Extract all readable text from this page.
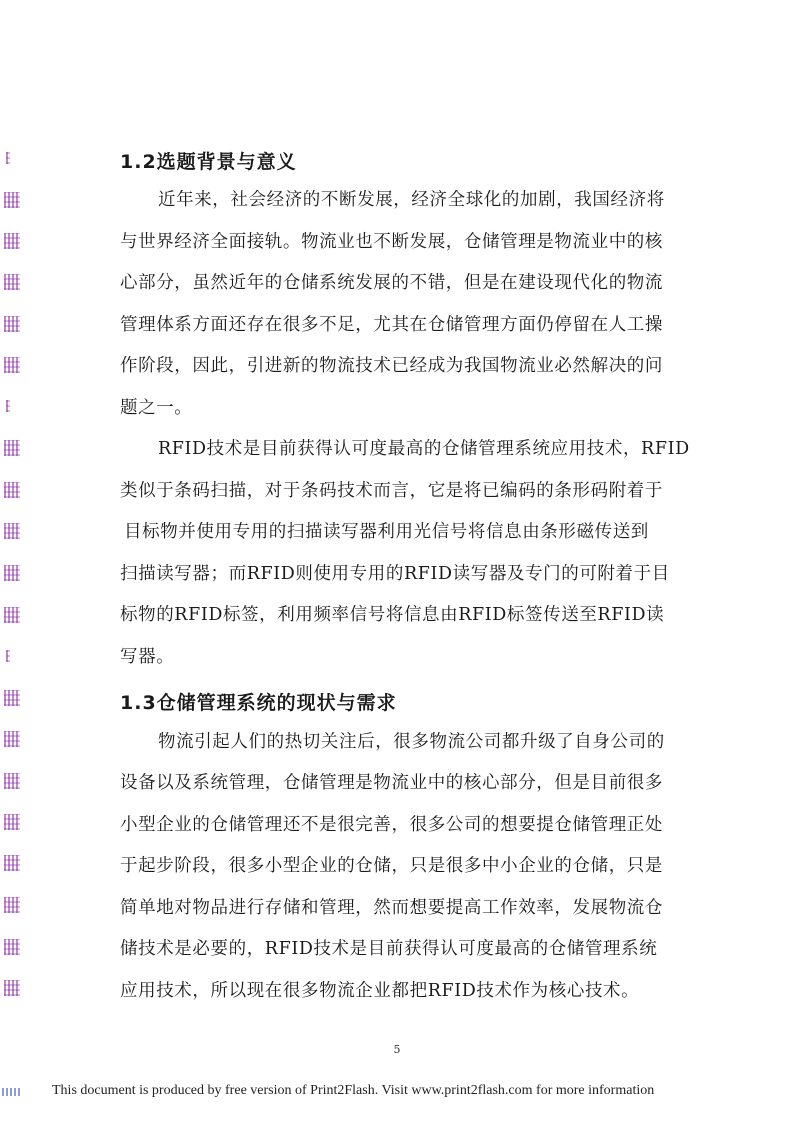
1.2选题背景与意义
近年来，社会经济的不断发展，经济全球化的加剧，我国经济将
与世界经济全面接轨。物流业也不断发展，仓储管理是物流业中的核
心部分，虽然近年的仓储系统发展的不错，但是在建设现代化的物流
管理体系方面还存在很多不足，尤其在仓储管理方面仍停留在人工操
作阶段，因此，引进新的物流技术已经成为我国物流业必然解决的问
题之一。
RFID技术是目前获得认可度最高的仓储管理系统应用技术，RFID
类似于条码扫描，对于条码技术而言，它是将已编码的条形码附着于
目标物并使用专用的扫描读写器利用光信号将信息由条形磁传送到
扫描读写器；而RFID则使用专用的RFID读写器及专门的可附着于目
标物的RFID标签，利用频率信号将信息由RFID标签传送至RFID读
写器。
1.3仓储管理系统的现状与需求
物流引起人们的热切关注后，很多物流公司都升级了自身公司的
设备以及系统管理，仓储管理是物流业中的核心部分，但是目前很多
小型企业的仓储管理还不是很完善，很多公司的想要提仓储管理正处
于起步阶段，很多小型企业的仓储，只是很多中小企业的仓储，只是
简单地对物品进行存储和管理，然而想要提高工作效率，发展物流仓
储技术是必要的，RFID技术是目前获得认可度最高的仓储管理系统
应用技术，所以现在很多物流企业都把RFID技术作为核心技术。
5
This document is produced by free version of Print2Flash. Visit www.print2flash.com for more information
